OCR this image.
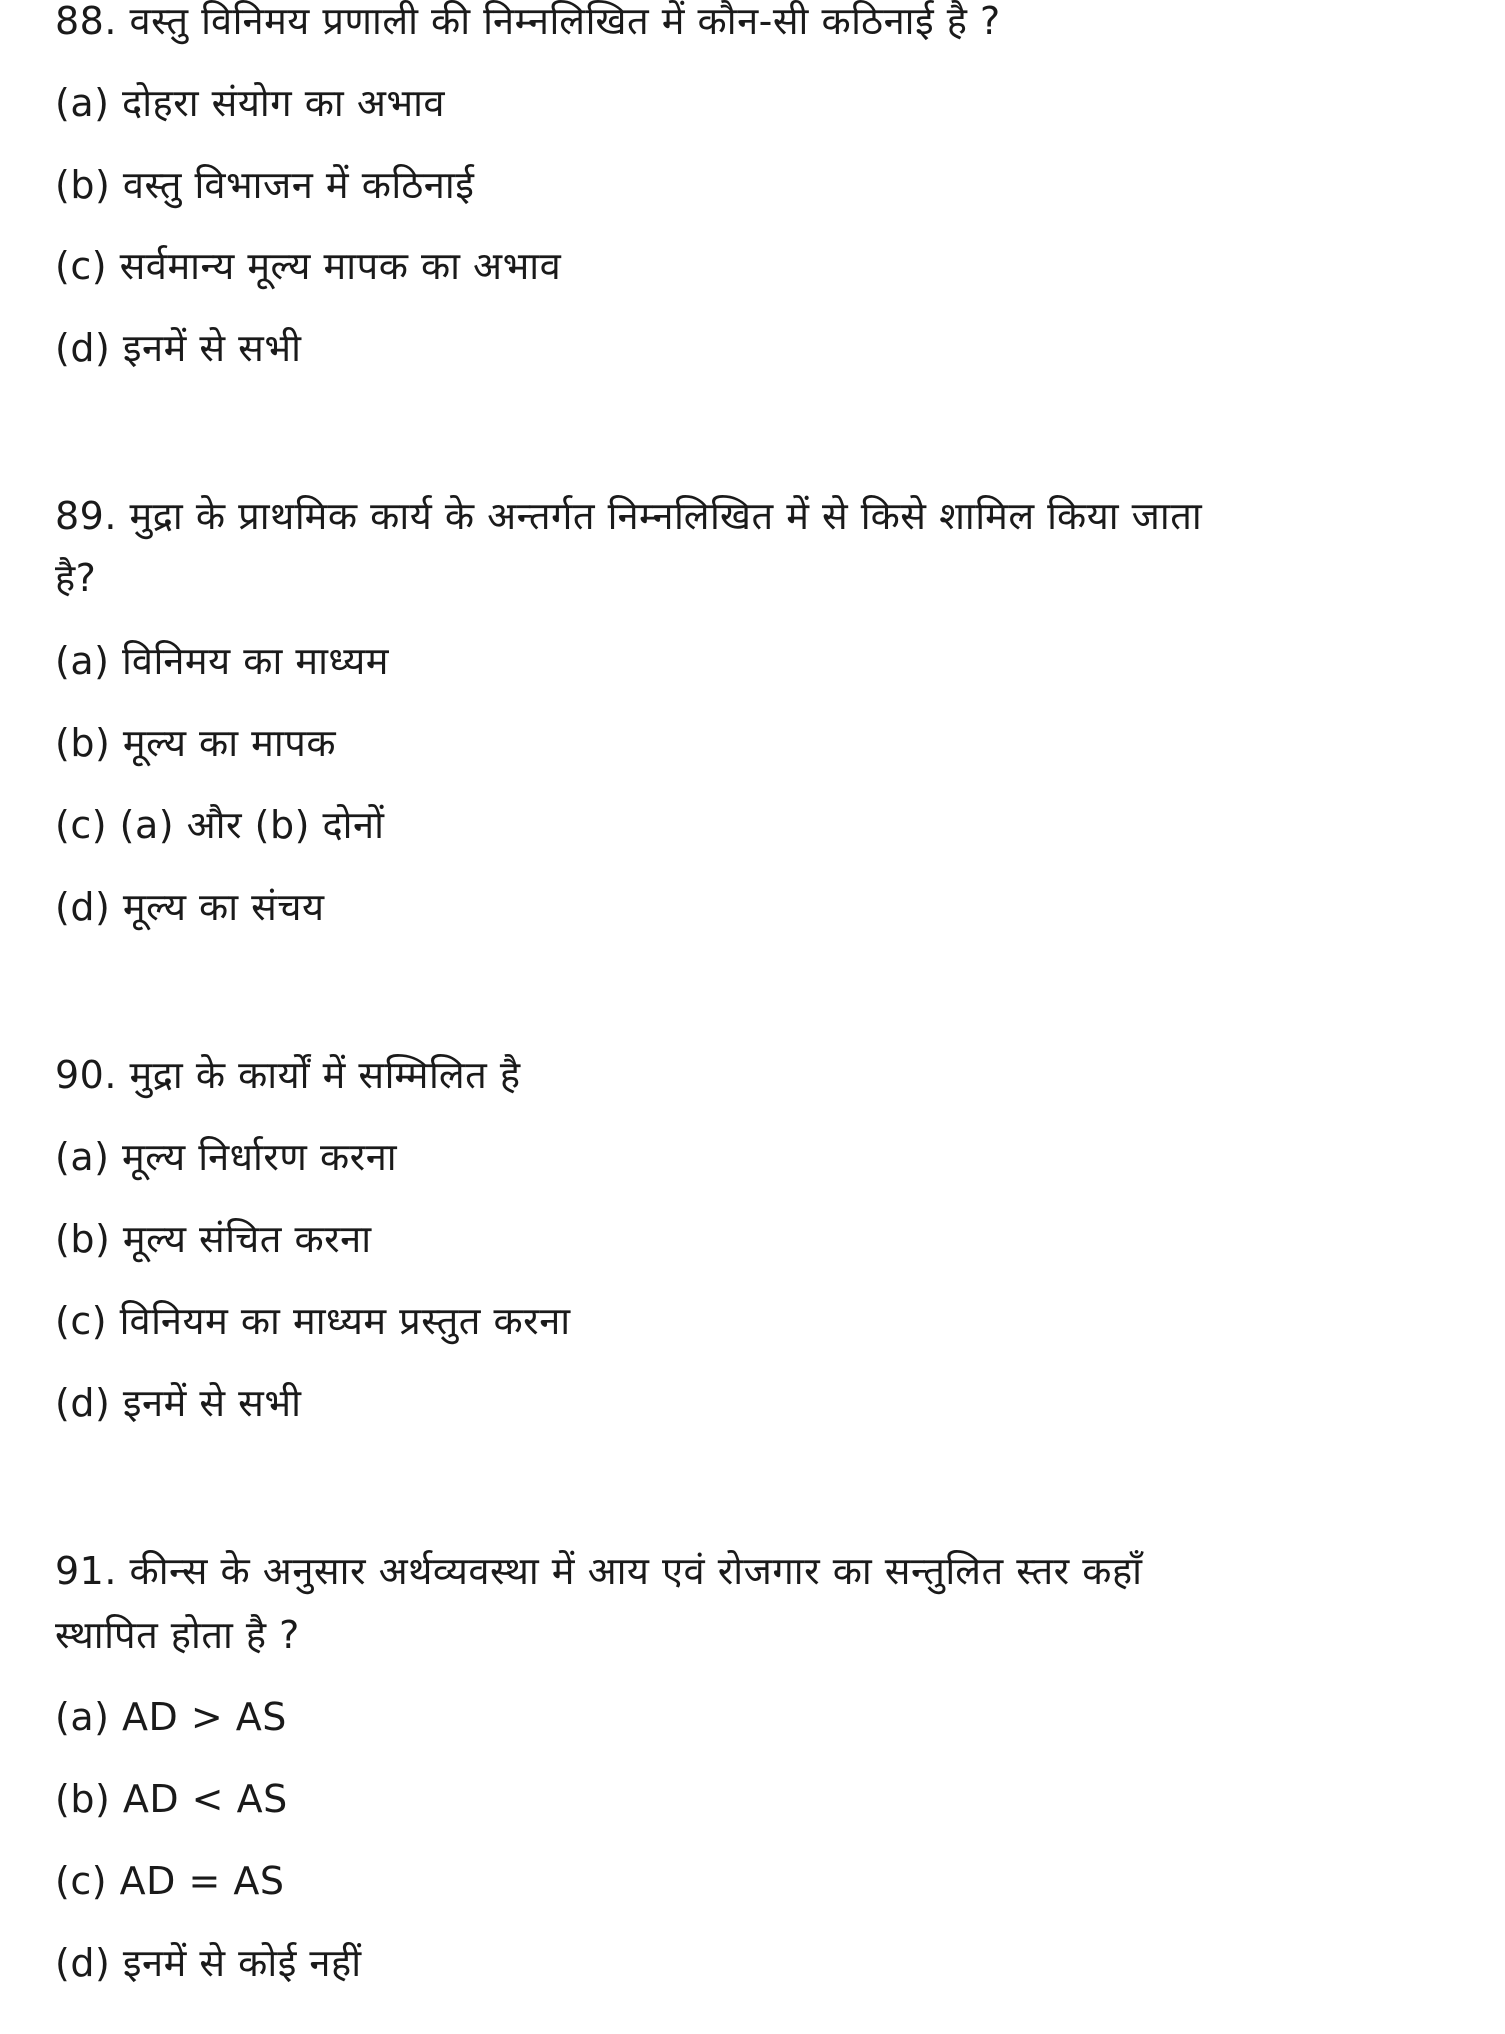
88. वस्तु विनिमय प्रणाली की निम्नलिखित में कौन-सी कठिनाई है ?
(a) दोहरा संयोग का अभाव
(b) वस्तु विभाजन में कठिनाई
(c) सर्वमान्य मूल्य मापक का अभाव
(d) इनमें से सभी
89. मुद्रा के प्राथमिक कार्य के अन्तर्गत निम्नलिखित में से किसे शामिल किया जाता
है?
(a) विनिमय का माध्यम
(b) मूल्य का मापक
(c) (a) और (b) दोनों
(d) मूल्य का संचय
90. मुद्रा के कार्यों में सम्मिलित है
(a) मूल्य निर्धारण करना
(b) मूल्य संचित करना
(c) विनियम का माध्यम प्रस्तुत करना
(d) इनमें से सभी
91. कीन्स के अनुसार अर्थव्यवस्था में आय एवं रोजगार का सन्तुलित स्तर कहाँ
स्थापित होता है ?
(a) AD > AS
(b) AD < AS
(c) AD = AS
(d) इनमें से कोई नहीं
